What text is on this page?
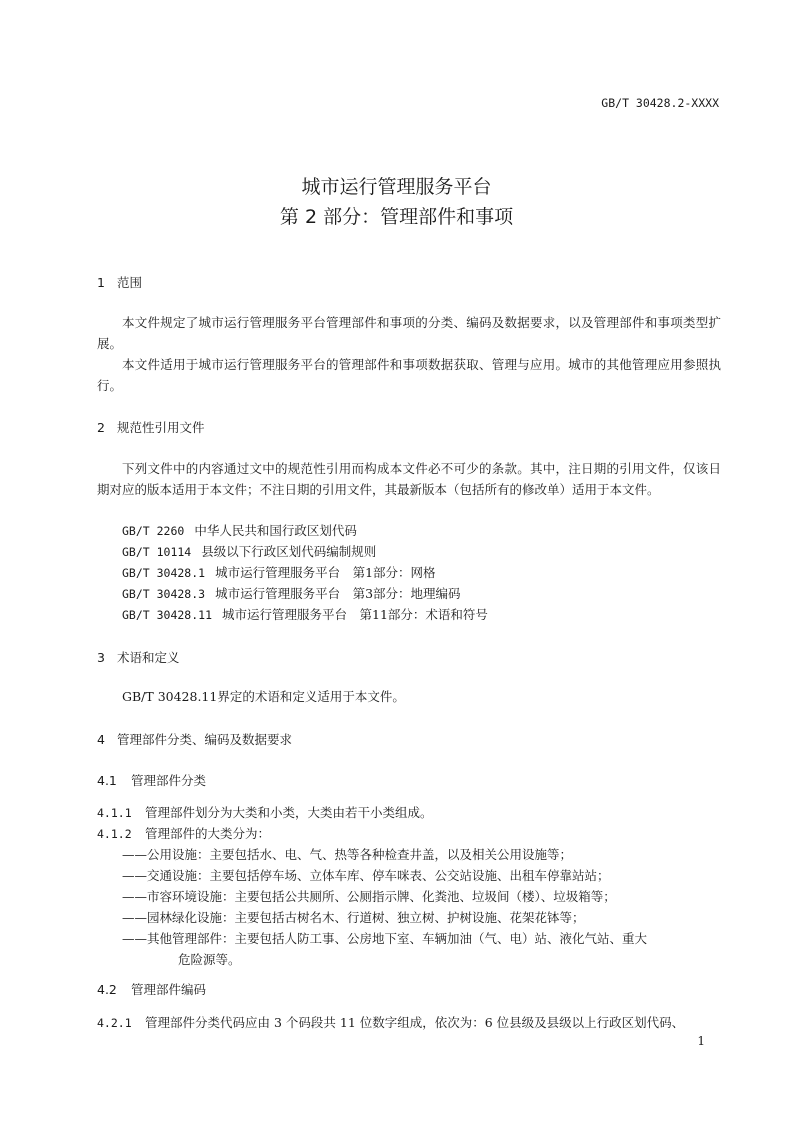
GB/T 30428.2-XXXX
城市运行管理服务平台
第 2 部分：管理部件和事项
1 范围
本文件规定了城市运行管理服务平台管理部件和事项的分类、编码及数据要求，以及管理部件和事项类型扩展。
本文件适用于城市运行管理服务平台的管理部件和事项数据获取、管理与应用。城市的其他管理应用参照执行。
2 规范性引用文件
下列文件中的内容通过文中的规范性引用而构成本文件必不可少的条款。其中，注日期的引用文件，仅该日期对应的版本适用于本文件；不注日期的引用文件，其最新版本（包括所有的修改单）适用于本文件。
GB/T 2260 中华人民共和国行政区划代码
GB/T 10114 县级以下行政区划代码编制规则
GB/T 30428.1 城市运行管理服务平台　第1部分：网格
GB/T 30428.3 城市运行管理服务平台　第3部分：地理编码
GB/T 30428.11 城市运行管理服务平台　第11部分：术语和符号
3 术语和定义
GB/T 30428.11界定的术语和定义适用于本文件。
4 管理部件分类、编码及数据要求
4.1 管理部件分类
4.1.1 管理部件划分为大类和小类，大类由若干小类组成。
4.1.2 管理部件的大类分为：
——公用设施：主要包括水、电、气、热等各种检查井盖，以及相关公用设施等；
——交通设施：主要包括停车场、立体车库、停车咪表、公交站设施、出租车停靠站站；
——市容环境设施：主要包括公共厕所、公厕指示牌、化粪池、垃圾间（楼）、垃圾箱等；
——园林绿化设施：主要包括古树名木、行道树、独立树、护树设施、花架花钵等；
——其他管理部件：主要包括人防工事、公房地下室、车辆加油（气、电）站、液化气站、重大
危险源等。
4.2 管理部件编码
4.2.1 管理部件分类代码应由 3 个码段共 11 位数字组成，依次为：6 位县级及县级以上行政区划代码、
1
